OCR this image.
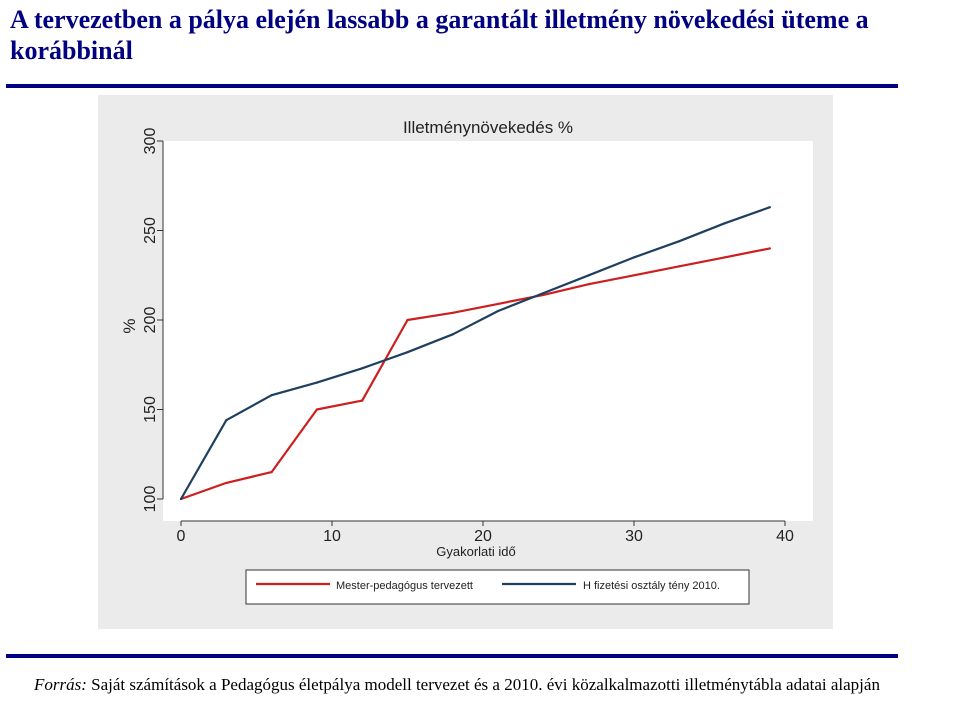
A tervezetben a pálya elején lassabb a garantált illetmény növekedési üteme a korábbinál
Illetménynövekedés %
Gyakorlati idő
%
0	10	20	30	40
100
150
200
250
300
Mester-pedagógus tervezett	H fizetési osztály tény 2010.
Forrás: Saját számítások a Pedagógus életpálya modell tervezet és a 2010. évi közalkalmazotti illetménytábla adatai alapján
